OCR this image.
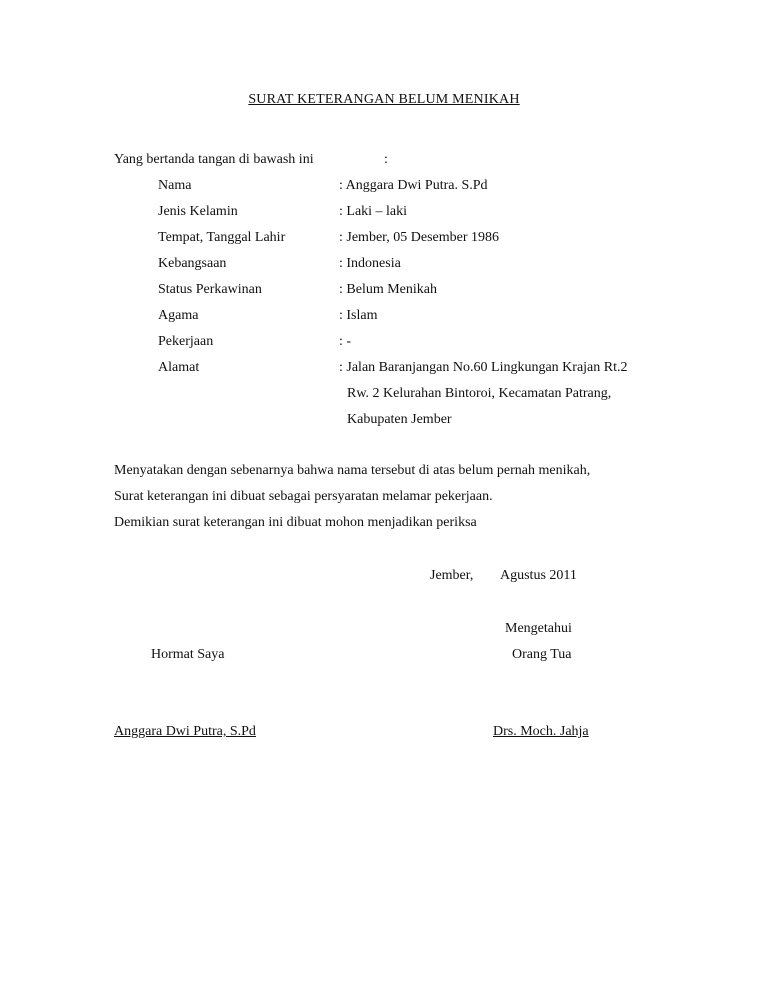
SURAT KETERANGAN BELUM MENIKAH
Yang bertanda tangan di bawash ini	:
Nama	: Anggara Dwi Putra. S.Pd
Jenis Kelamin	: Laki – laki
Tempat, Tanggal Lahir	: Jember, 05 Desember 1986
Kebangsaan	: Indonesia
Status Perkawinan	: Belum Menikah
Agama	: Islam
Pekerjaan	: -
Alamat	: Jalan Baranjangan No.60 Lingkungan Krajan Rt.2
Rw. 2 Kelurahan Bintoroi, Kecamatan Patrang,
Kabupaten Jember
Menyatakan dengan sebenarnya bahwa nama tersebut di atas belum pernah menikah,
Surat keterangan ini dibuat sebagai persyaratan melamar pekerjaan.
Demikian surat keterangan ini dibuat mohon menjadikan periksa
Jember, Agustus 2011
Mengetahui
Hormat Saya	Orang Tua
Anggara Dwi Putra, S.Pd	Drs. Moch. Jahja
